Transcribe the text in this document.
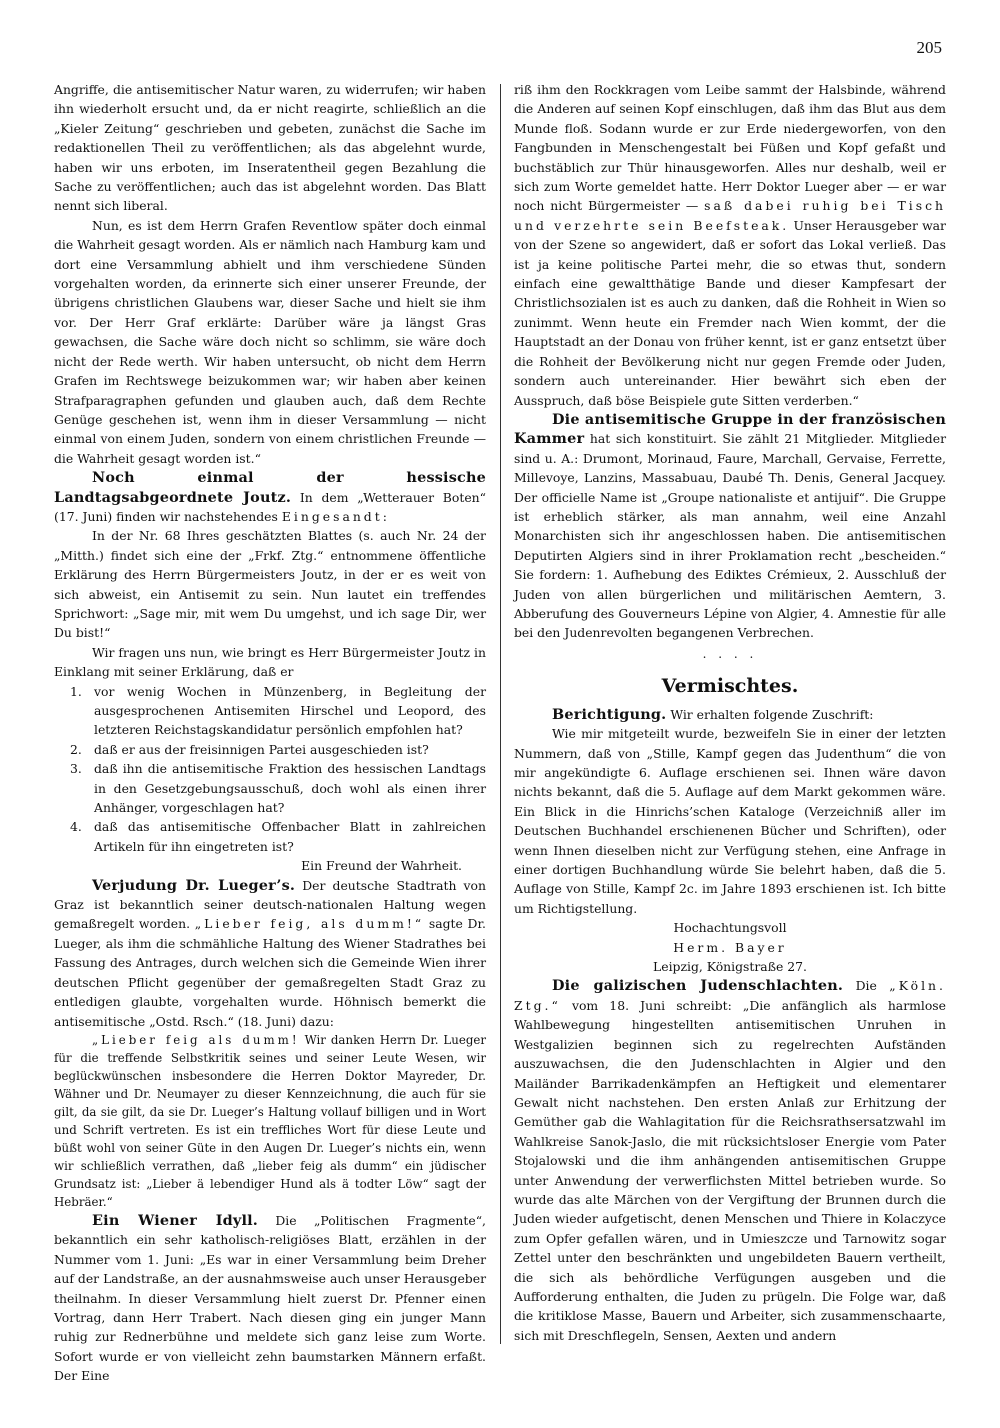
205

Angriffe, die antisemitischer Natur waren, zu widerrufen; wir haben ihn wiederholt ersucht und, da er nicht reagirte, schließlich an die „Kieler Zeitung“ geschrieben und gebeten, zunächst die Sache im redaktionellen Theil zu veröffentlichen; als das abgelehnt wurde, haben wir uns erboten, im Inseratentheil gegen Bezahlung die Sache zu veröffentlichen; auch das ist abgelehnt worden. Das Blatt nennt sich liberal.

Nun, es ist dem Herrn Grafen Reventlow später doch einmal die Wahrheit gesagt worden. Als er nämlich nach Hamburg kam und dort eine Versammlung abhielt und ihm verschiedene Sünden vorgehalten worden, da erinnerte sich einer unserer Freunde, der übrigens christlichen Glaubens war, dieser Sache und hielt sie ihm vor. Der Herr Graf erklärte: Darüber wäre ja längst Gras gewachsen, die Sache wäre doch nicht so schlimm, sie wäre doch nicht der Rede werth. Wir haben untersucht, ob nicht dem Herrn Grafen im Rechtswege beizukommen war; wir haben aber keinen Strafparagraphen gefunden und glauben auch, daß dem Rechte Genüge geschehen ist, wenn ihm in dieser Versammlung — nicht einmal von einem Juden, sondern von einem christlichen Freunde — die Wahrheit gesagt worden ist.“

Noch einmal der hessische Landtagsabgeordnete Joutz. In dem „Wetterauer Boten“ (17. Juni) finden wir nachstehendes Eingesandt:

In der Nr. 68 Ihres geschätzten Blattes (s. auch Nr. 24 der „Mitth.) findet sich eine der „Frkf. Ztg.“ entnommene öffentliche Erklärung des Herrn Bürgermeisters Joutz, in der er es weit von sich abweist, ein Antisemit zu sein. Nun lautet ein treffendes Sprichwort: „Sage mir, mit wem Du umgehst, und ich sage Dir, wer Du bist!“

Wir fragen uns nun, wie bringt es Herr Bürgermeister Joutz in Einklang mit seiner Erklärung, daß er

1. vor wenig Wochen in Münzenberg, in Begleitung der ausgesprochenen Antisemiten Hirschel und Leopord, des letzteren Reichstagskandidatur persönlich empfohlen hat?
2. daß er aus der freisinnigen Partei ausgeschieden ist?
3. daß ihn die antisemitische Fraktion des hessischen Landtags in den Gesetzgebungsausschuß, doch wohl als einen ihrer Anhänger, vorgeschlagen hat?
4. daß das antisemitische Offenbacher Blatt in zahlreichen Artikeln für ihn eingetreten ist?

Ein Freund der Wahrheit.

Verjudung Dr. Lueger’s. Der deutsche Stadtrath von Graz ist bekanntlich seiner deutsch-nationalen Haltung wegen gemaßregelt worden. „Lieber feig, als dumm!“ sagte Dr. Lueger, als ihm die schmähliche Haltung des Wiener Stadrathes bei Fassung des Antrages, durch welchen sich die Gemeinde Wien ihrer deutschen Pflicht gegenüber der gemaßregelten Stadt Graz zu entledigen glaubte, vorgehalten wurde. Höhnisch bemerkt die antisemitische „Ostd. Rsch.“ (18. Juni) dazu:

„Lieber feig als dumm! Wir danken Herrn Dr. Lueger für die treffende Selbstkritik seines und seiner Leute Wesen, wir beglückwünschen insbesondere die Herren Doktor Mayreder, Dr. Wähner und Dr. Neumayer zu dieser Kennzeichnung, die auch für sie gilt, da sie gilt, da sie Dr. Lueger’s Haltung vollauf billigen und in Wort und Schrift vertreten. Es ist ein treffliches Wort für diese Leute und büßt wohl von seiner Güte in den Augen Dr. Lueger’s nichts ein, wenn wir schließlich verrathen, daß „lieber feig als dumm“ ein jüdischer Grundsatz ist: „Lieber ä lebendiger Hund als ä todter Löw“ sagt der Hebräer.“

Ein Wiener Idyll. Die „Politischen Fragmente“, bekanntlich ein sehr katholisch-religiöses Blatt, erzählen in der Nummer vom 1. Juni: „Es war in einer Versammlung beim Dreher auf der Landstraße, an der ausnahmsweise auch unser Herausgeber theilnahm. In dieser Versammlung hielt zuerst Dr. Pfenner einen Vortrag, dann Herr Trabert. Nach diesen ging ein junger Mann ruhig zur Rednerbühne und meldete sich ganz leise zum Worte. Sofort wurde er von vielleicht zehn baumstarken Männern erfaßt. Der Eine

riß ihm den Rockkragen vom Leibe sammt der Halsbinde, während die Anderen auf seinen Kopf einschlugen, daß ihm das Blut aus dem Munde floß. Sodann wurde er zur Erde niedergeworfen, von den Fangbunden in Menschengestalt bei Füßen und Kopf gefaßt und buchstäblich zur Thür hinausgeworfen. Alles nur deshalb, weil er sich zum Worte gemeldet hatte. Herr Doktor Lueger aber — er war noch nicht Bürgermeister — saß dabei ruhig bei Tisch und verzehrte sein Beefsteak. Unser Herausgeber war von der Szene so angewidert, daß er sofort das Lokal verließ. Das ist ja keine politische Partei mehr, die so etwas thut, sondern einfach eine gewaltthätige Bande und dieser Kampfesart der Christlichsozialen ist es auch zu danken, daß die Rohheit in Wien so zunimmt. Wenn heute ein Fremder nach Wien kommt, der die Hauptstadt an der Donau von früher kennt, ist er ganz entsetzt über die Rohheit der Bevölkerung nicht nur gegen Fremde oder Juden, sondern auch untereinander. Hier bewährt sich eben der Ausspruch, daß böse Beispiele gute Sitten verderben.“

Die antisemitische Gruppe in der französischen Kammer hat sich konstituirt. Sie zählt 21 Mitglieder. Mitglieder sind u. A.: Drumont, Morinaud, Faure, Marchall, Gervaise, Ferrette, Millevoye, Lanzins, Massabuau, Daubé Th. Denis, General Jacquey. Der officielle Name ist „Groupe nationaliste et antijuif“. Die Gruppe ist erheblich stärker, als man annahm, weil eine Anzahl Monarchisten sich ihr angeschlossen haben. Die antisemitischen Deputirten Algiers sind in ihrer Proklamation recht „bescheiden.“ Sie fordern: 1. Aufhebung des Ediktes Crémieux, 2. Ausschluß der Juden von allen bürgerlichen und militärischen Aemtern, 3. Abberufung des Gouverneurs Lépine von Algier, 4. Amnestie für alle bei den Judenrevolten begangenen Verbrechen.

. . . .
Vermischtes.

Berichtigung. Wir erhalten folgende Zuschrift:

Wie mir mitgeteilt wurde, bezweifeln Sie in einer der letzten Nummern, daß von „Stille, Kampf gegen das Judenthum“ die von mir angekündigte 6. Auflage erschienen sei. Ihnen wäre davon nichts bekannt, daß die 5. Auflage auf dem Markt gekommen wäre. Ein Blick in die Hinrichs’schen Kataloge (Verzeichniß aller im Deutschen Buchhandel erschienenen Bücher und Schriften), oder wenn Ihnen dieselben nicht zur Verfügung stehen, eine Anfrage in einer dortigen Buchhandlung würde Sie belehrt haben, daß die 5. Auflage von Stille, Kampf 2c. im Jahre 1893 erschienen ist. Ich bitte um Richtigstellung.

Hochachtungsvoll

Herm. Bayer

Leipzig, Königstraße 27.

Die galizischen Judenschlachten. Die „Köln. Ztg.“ vom 18. Juni schreibt: „Die anfänglich als harmlose Wahlbewegung hingestellten antisemitischen Unruhen in Westgalizien beginnen sich zu regelrechten Aufständen auszuwachsen, die den Judenschlachten in Algier und den Mailänder Barrikadenkämpfen an Heftigkeit und elementarer Gewalt nicht nachstehen. Den ersten Anlaß zur Erhitzung der Gemüther gab die Wahlagitation für die Reichsrathsersatzwahl im Wahlkreise Sanok-Jaslo, die mit rücksichtsloser Energie vom Pater Stojalowski und die ihm anhängenden antisemitischen Gruppe unter Anwendung der verwerflichsten Mittel betrieben wurde. So wurde das alte Märchen von der Vergiftung der Brunnen durch die Juden wieder aufgetischt, denen Menschen und Thiere in Kolaczyce zum Opfer gefallen wären, und in Umieszcze und Tarnowitz sogar Zettel unter den beschränkten und ungebildeten Bauern vertheilt, die sich als behördliche Verfügungen ausgeben und die Aufforderung enthalten, die Juden zu prügeln. Die Folge war, daß die kritiklose Masse, Bauern und Arbeiter, sich zusammenschaarte, sich mit Dreschflegeln, Sensen, Aexten und andern
